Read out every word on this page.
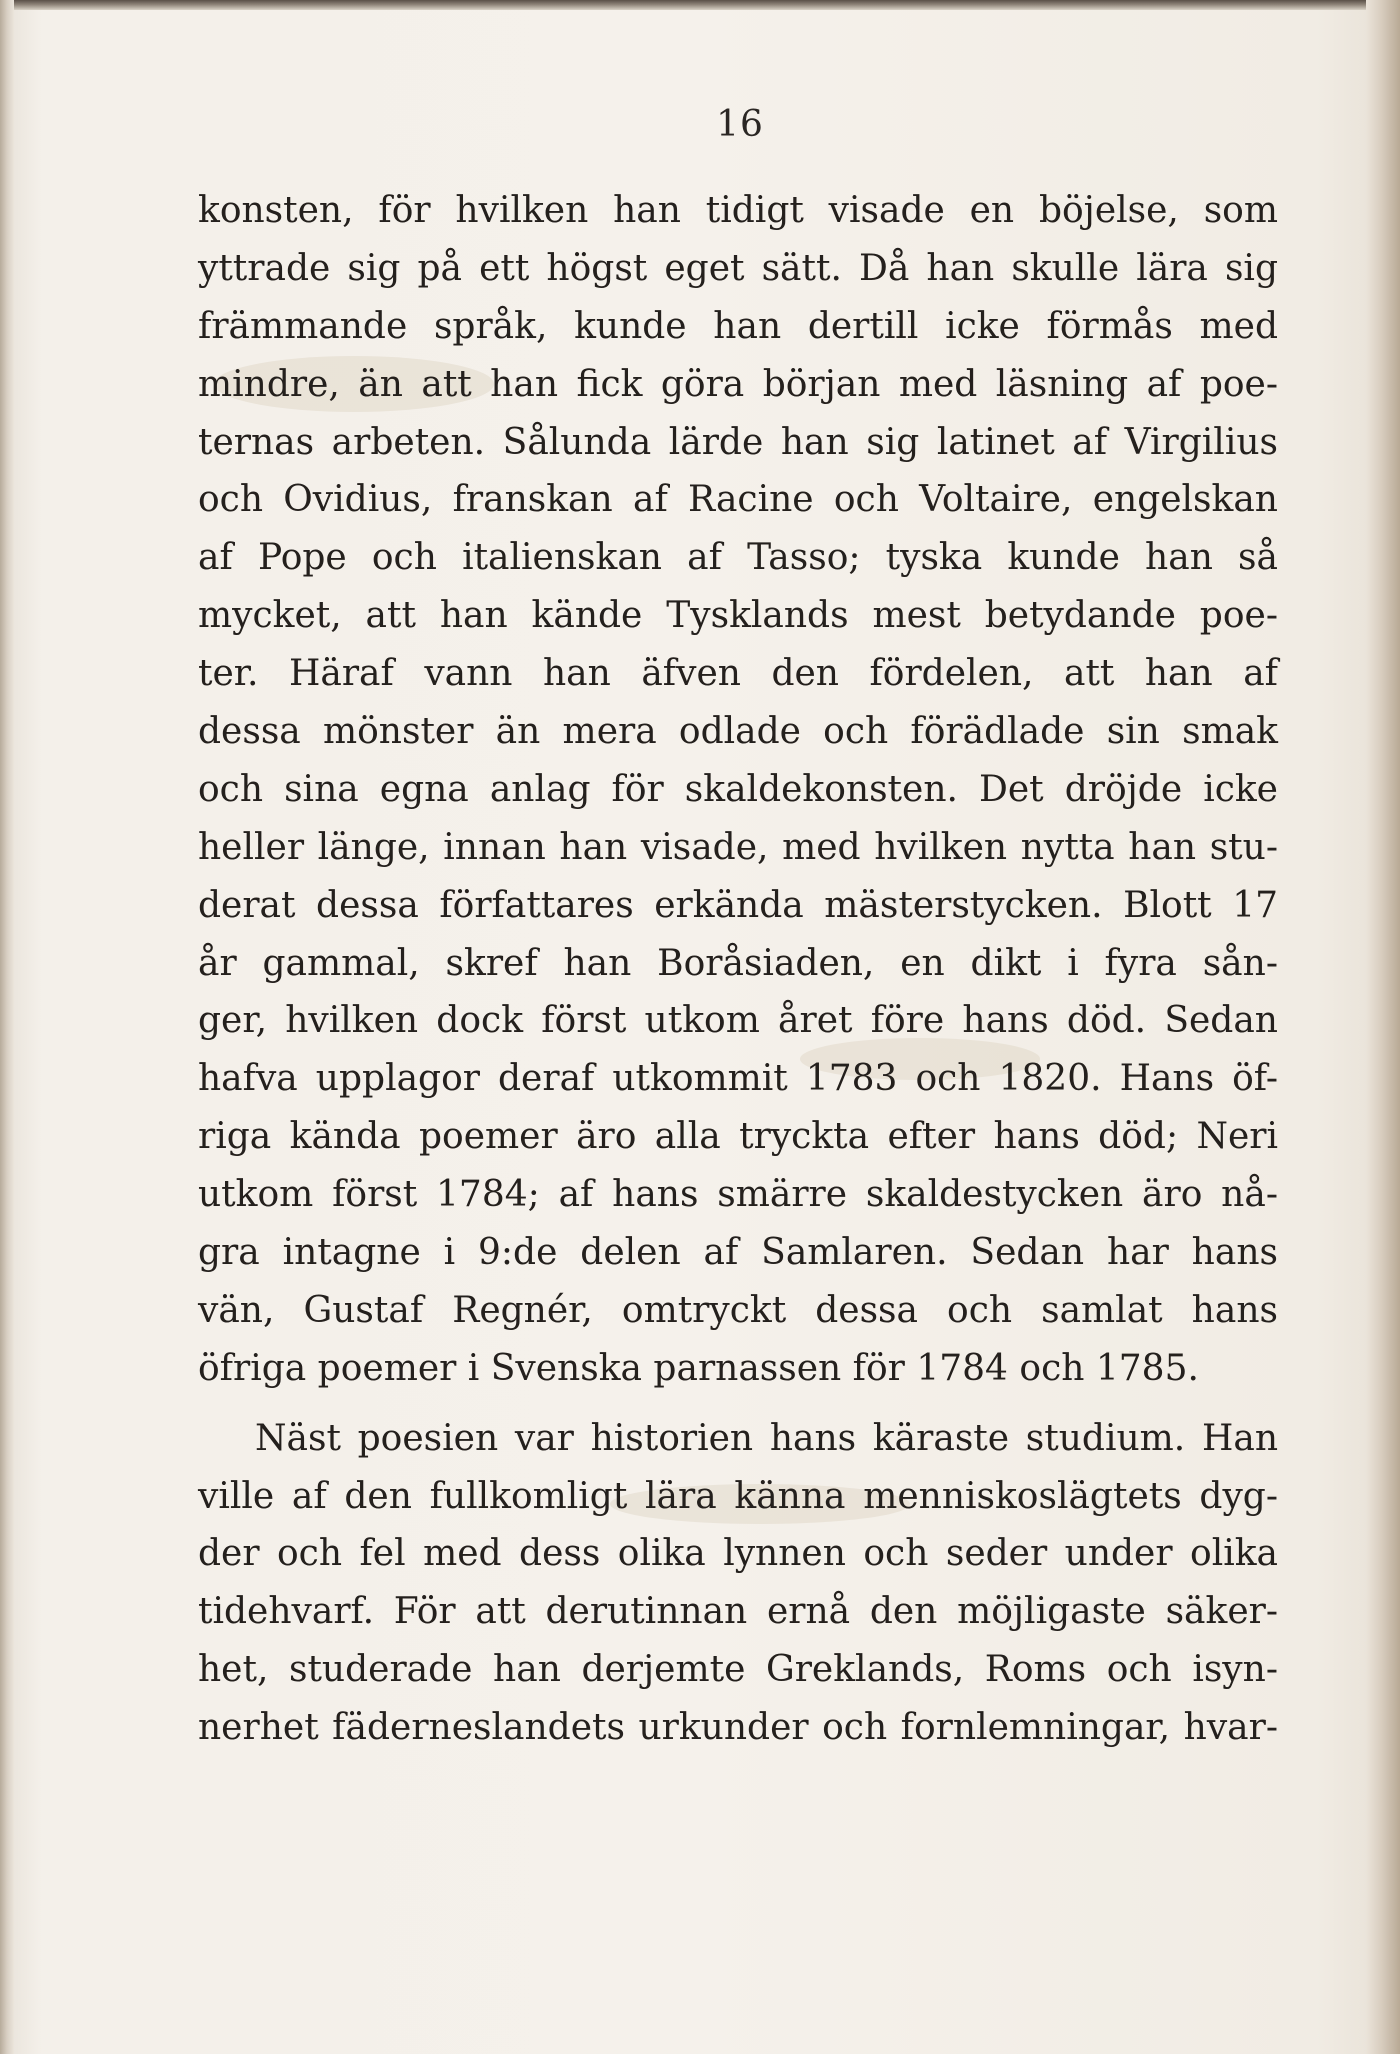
16
konsten, för hvilken han tidigt visade en böjelse, som
yttrade sig på ett högst eget sätt. Då han skulle lära sig
främmande språk, kunde han dertill icke förmås med
mindre, än att han fick göra början med läsning af poe-
ternas arbeten. Sålunda lärde han sig latinet af Virgilius
och Ovidius, franskan af Racine och Voltaire, engelskan
af Pope och italienskan af Tasso; tyska kunde han så
mycket, att han kände Tysklands mest betydande poe-
ter. Häraf vann han äfven den fördelen, att han af
dessa mönster än mera odlade och förädlade sin smak
och sina egna anlag för skaldekonsten. Det dröjde icke
heller länge, innan han visade, med hvilken nytta han stu-
derat dessa författares erkända mästerstycken. Blott 17
år gammal, skref han Boråsiaden, en dikt i fyra sån-
ger, hvilken dock först utkom året före hans död. Sedan
hafva upplagor deraf utkommit 1783 och 1820. Hans öf-
riga kända poemer äro alla tryckta efter hans död; Neri
utkom först 1784; af hans smärre skaldestycken äro nå-
gra intagne i 9:de delen af Samlaren. Sedan har hans
vän, Gustaf Regnér, omtryckt dessa och samlat hans
öfriga poemer i Svenska parnassen för 1784 och 1785.
Näst poesien var historien hans käraste studium. Han
ville af den fullkomligt lära känna menniskoslägtets dyg-
der och fel med dess olika lynnen och seder under olika
tidehvarf. För att derutinnan ernå den möjligaste säker-
het, studerade han derjemte Greklands, Roms och isyn-
nerhet fäderneslandets urkunder och fornlemningar, hvar-
